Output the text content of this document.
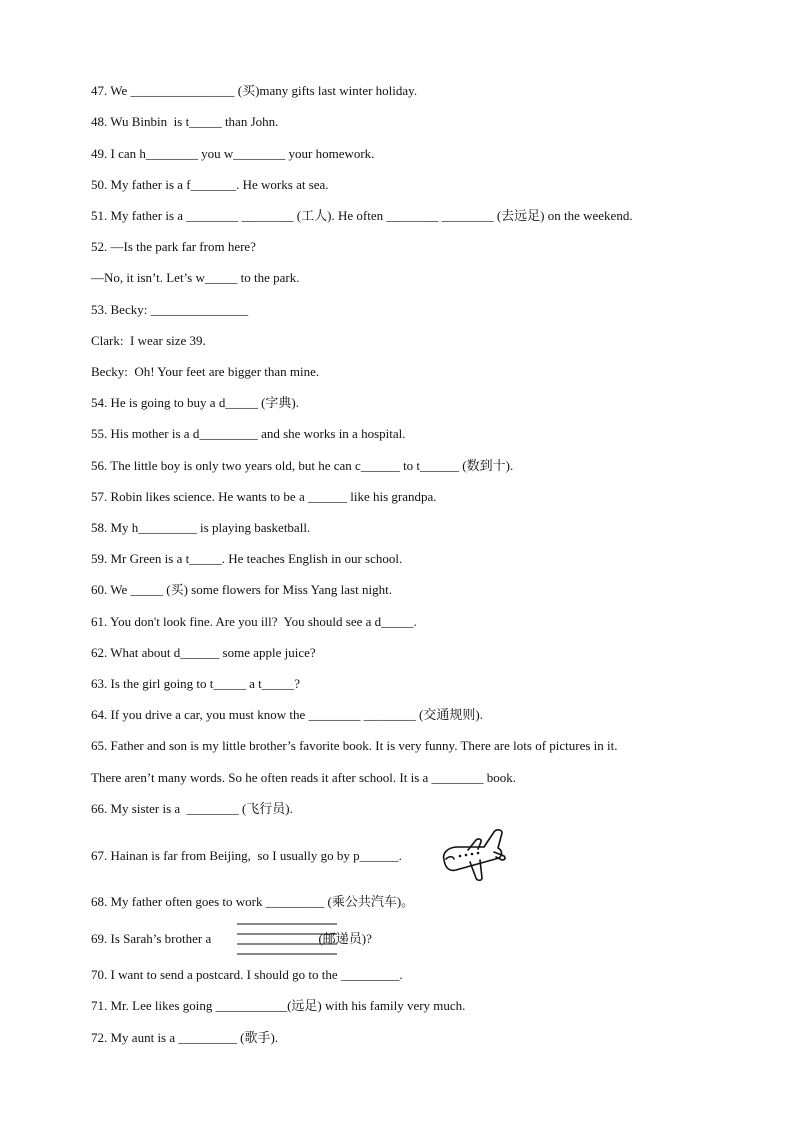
47. We ________________ (买)many gifts last winter holiday.
48. Wu Binbin  is t_____ than John.
49. I can h________ you w________ your homework.
50. My father is a f_______. He works at sea.
51. My father is a ________ ________ (工人). He often ________ ________ (去远足) on the weekend.
52. —Is the park far from here?
—No, it isn’t. Let’s w_____ to the park.
53. Becky: _______________
Clark:  I wear size 39.
Becky:  Oh! Your feet are bigger than mine.
54. He is going to buy a d_____ (字典).
55. His mother is a d_________ and she works in a hospital.
56. The little boy is only two years old, but he can c______ to t______ (数到十).
57. Robin likes science. He wants to be a ______ like his grandpa.
58. My h_________ is playing basketball.
59. Mr Green is a t_____. He teaches English in our school.
60. We _____ (买) some flowers for Miss Yang last night.
61. You don't look fine. Are you ill?  You should see a d_____.
62. What about d______ some apple juice?
63. Is the girl going to t_____ a t_____?
64. If you drive a car, you must know the ________ ________ (交通规则).
65. Father and son is my little brother’s favorite book. It is very funny. There are lots of pictures in it.
There aren’t many words. So he often reads it after school. It is a ________ book.
66. My sister is a  ________ (飞行员).
67. Hainan is far from Beijing,  so I usually go by p______.
68. My father often goes to work _________ (乘公共汽车)。
69. Is Sarah’s brother a                                 (邮递员)?
70. I want to send a postcard. I should go to the _________.
71. Mr. Lee likes going ___________(远足) with his family very much.
72. My aunt is a _________ (歌手).
